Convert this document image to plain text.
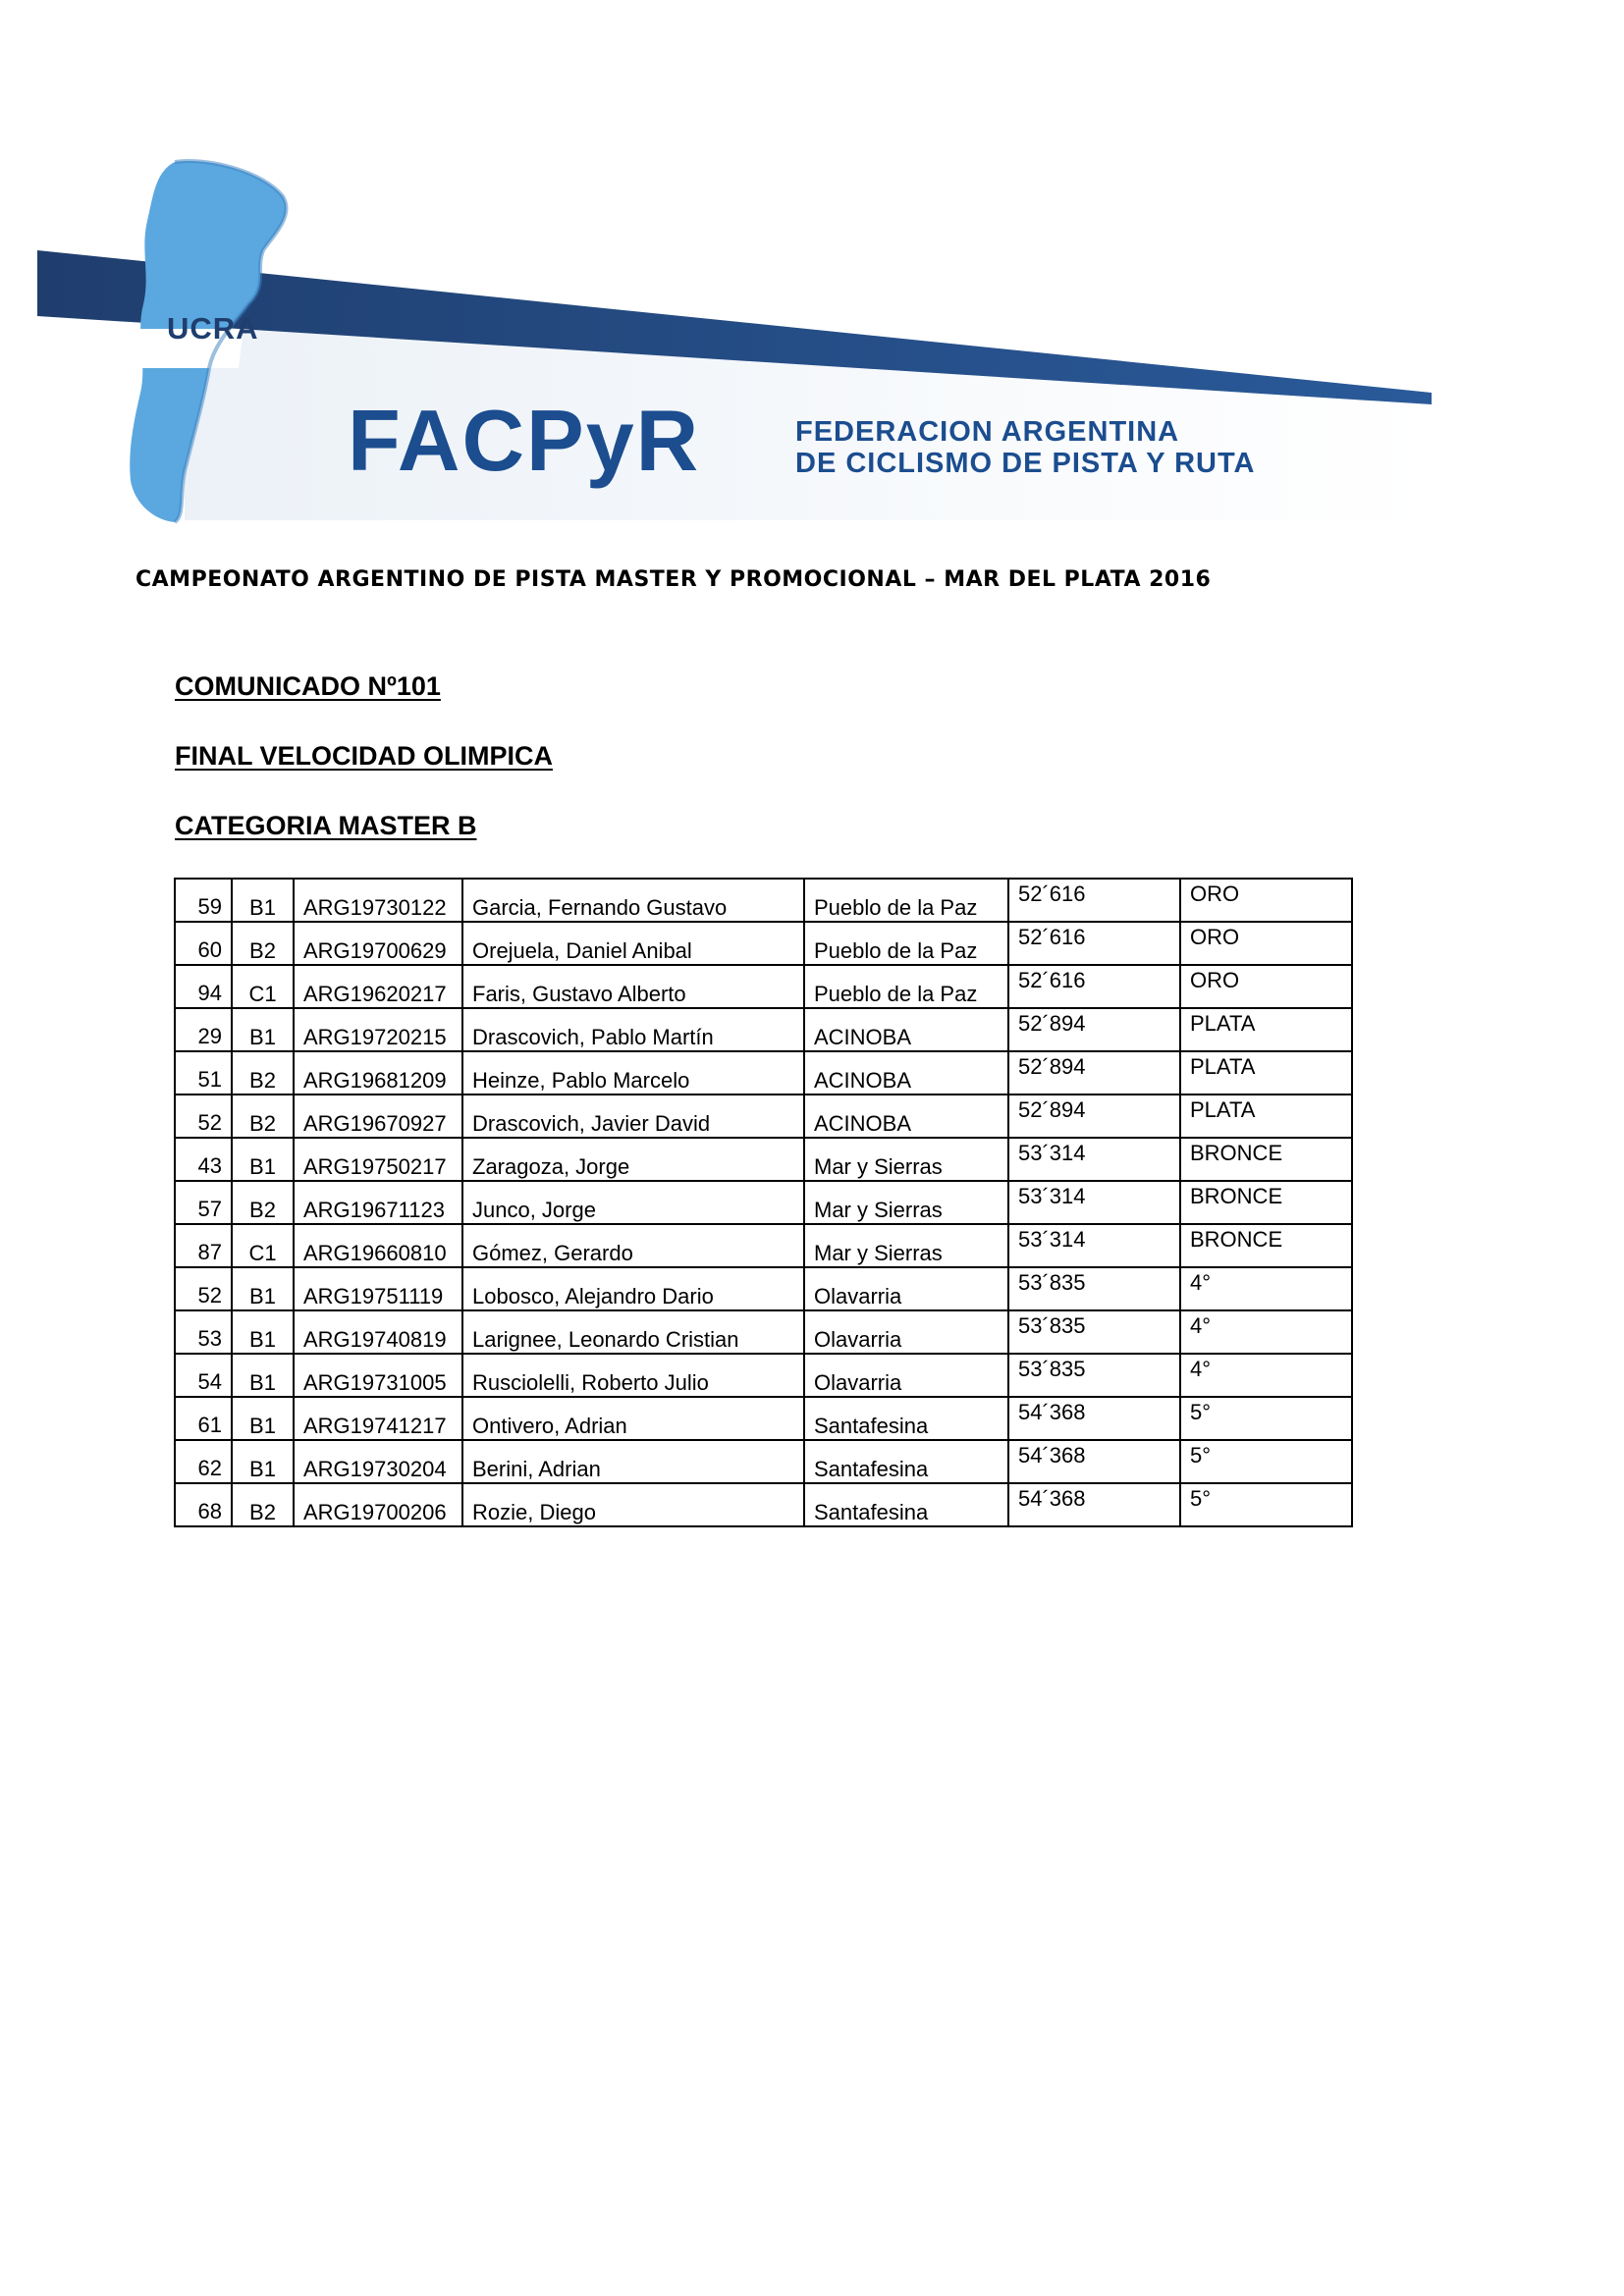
UCRA
FACPyR	FEDERACION ARGENTINA
DE CICLISMO DE PISTA Y RUTA
CAMPEONATO ARGENTINO DE PISTA MASTER Y PROMOCIONAL – MAR DEL PLATA 2016
COMUNICADO Nº101
FINAL VELOCIDAD OLIMPICA
CATEGORIA MASTER B
59	B1	ARG19730122	Garcia, Fernando Gustavo	Pueblo de la Paz	52´616	ORO

60	B2	ARG19700629	Orejuela, Daniel Anibal	Pueblo de la Paz	52´616	ORO

94	C1	ARG19620217	Faris, Gustavo Alberto	Pueblo de la Paz	52´616	ORO

29	B1	ARG19720215	Drascovich, Pablo Martín	ACINOBA	52´894	PLATA

51	B2	ARG19681209	Heinze, Pablo Marcelo	ACINOBA	52´894	PLATA

52	B2	ARG19670927	Drascovich, Javier David	ACINOBA	52´894	PLATA

43	B1	ARG19750217	Zaragoza, Jorge	Mar y Sierras	53´314	BRONCE

57	B2	ARG19671123	Junco, Jorge	Mar y Sierras	53´314	BRONCE

87	C1	ARG19660810	Gómez, Gerardo	Mar y Sierras	53´314	BRONCE

52	B1	ARG19751119	Lobosco, Alejandro Dario	Olavarria	53´835	4°

53	B1	ARG19740819	Larignee, Leonardo Cristian	Olavarria	53´835	4°

54	B1	ARG19731005	Rusciolelli, Roberto Julio	Olavarria	53´835	4°

61	B1	ARG19741217	Ontivero, Adrian	Santafesina	54´368	5°

62	B1	ARG19730204	Berini, Adrian	Santafesina	54´368	5°

68	B2	ARG19700206	Rozie, Diego	Santafesina	54´368	5°
